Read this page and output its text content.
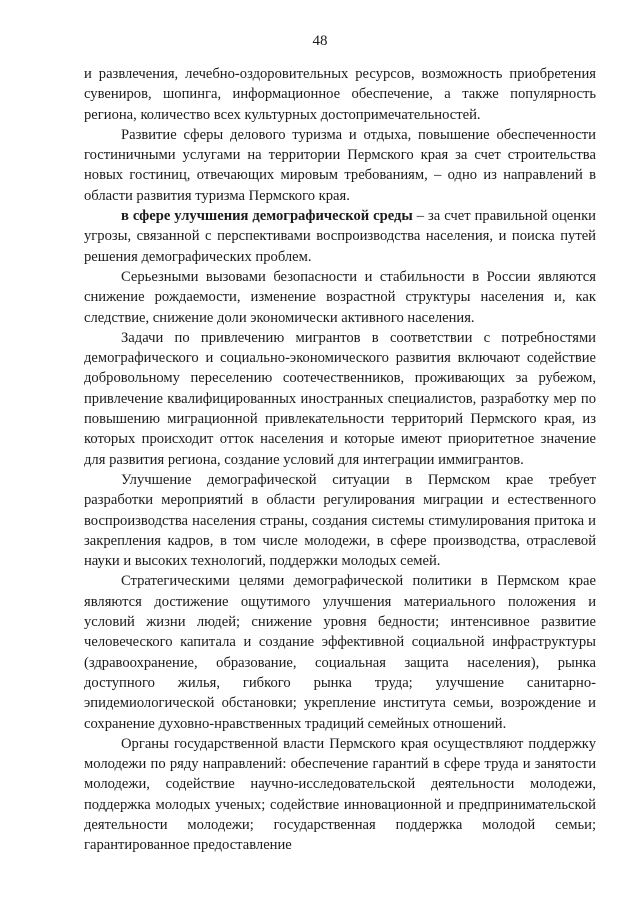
48

и развлечения, лечебно-оздоровительных ресурсов, возможность приобретения сувениров, шопинга, информационное обеспечение, а также популярность региона, количество всех культурных достопримечательностей.

Развитие сферы делового туризма и отдыха, повышение обеспеченности гостиничными услугами на территории Пермского края за счет строительства новых гостиниц, отвечающих мировым требованиям, – одно из направлений в области развития туризма Пермского края.

в сфере улучшения демографической среды – за счет правильной оценки угрозы, связанной с перспективами воспроизводства населения, и поиска путей решения демографических проблем.

Серьезными вызовами безопасности и стабильности в России являются снижение рождаемости, изменение возрастной структуры населения и, как следствие, снижение доли экономически активного населения.

Задачи по привлечению мигрантов в соответствии с потребностями демографического и социально-экономического развития включают содействие добровольному переселению соотечественников, проживающих за рубежом, привлечение квалифицированных иностранных специалистов, разработку мер по повышению миграционной привлекательности территорий Пермского края, из которых происходит отток населения и которые имеют приоритетное значение для развития региона, создание условий для интеграции иммигрантов.

Улучшение демографической ситуации в Пермском крае требует разработки мероприятий в области регулирования миграции и естественного воспроизводства населения страны, создания системы стимулирования притока и закрепления кадров, в том числе молодежи, в сфере производства, отраслевой науки и высоких технологий, поддержки молодых семей.

Стратегическими целями демографической политики в Пермском крае являются достижение ощутимого улучшения материального положения и условий жизни людей; снижение уровня бедности; интенсивное развитие человеческого капитала и создание эффективной социальной инфраструктуры (здравоохранение, образование, социальная защита населения), рынка доступного жилья, гибкого рынка труда; улучшение санитарно-эпидемиологической обстановки; укрепление института семьи, возрождение и сохранение духовно-нравственных традиций семейных отношений.

Органы государственной власти Пермского края осуществляют поддержку молодежи по ряду направлений: обеспечение гарантий в сфере труда и занятости молодежи, содействие научно-исследовательской деятельности молодежи, поддержка молодых ученых; содействие инновационной и предпринимательской деятельности молодежи; государственная поддержка молодой семьи; гарантированное предоставление
